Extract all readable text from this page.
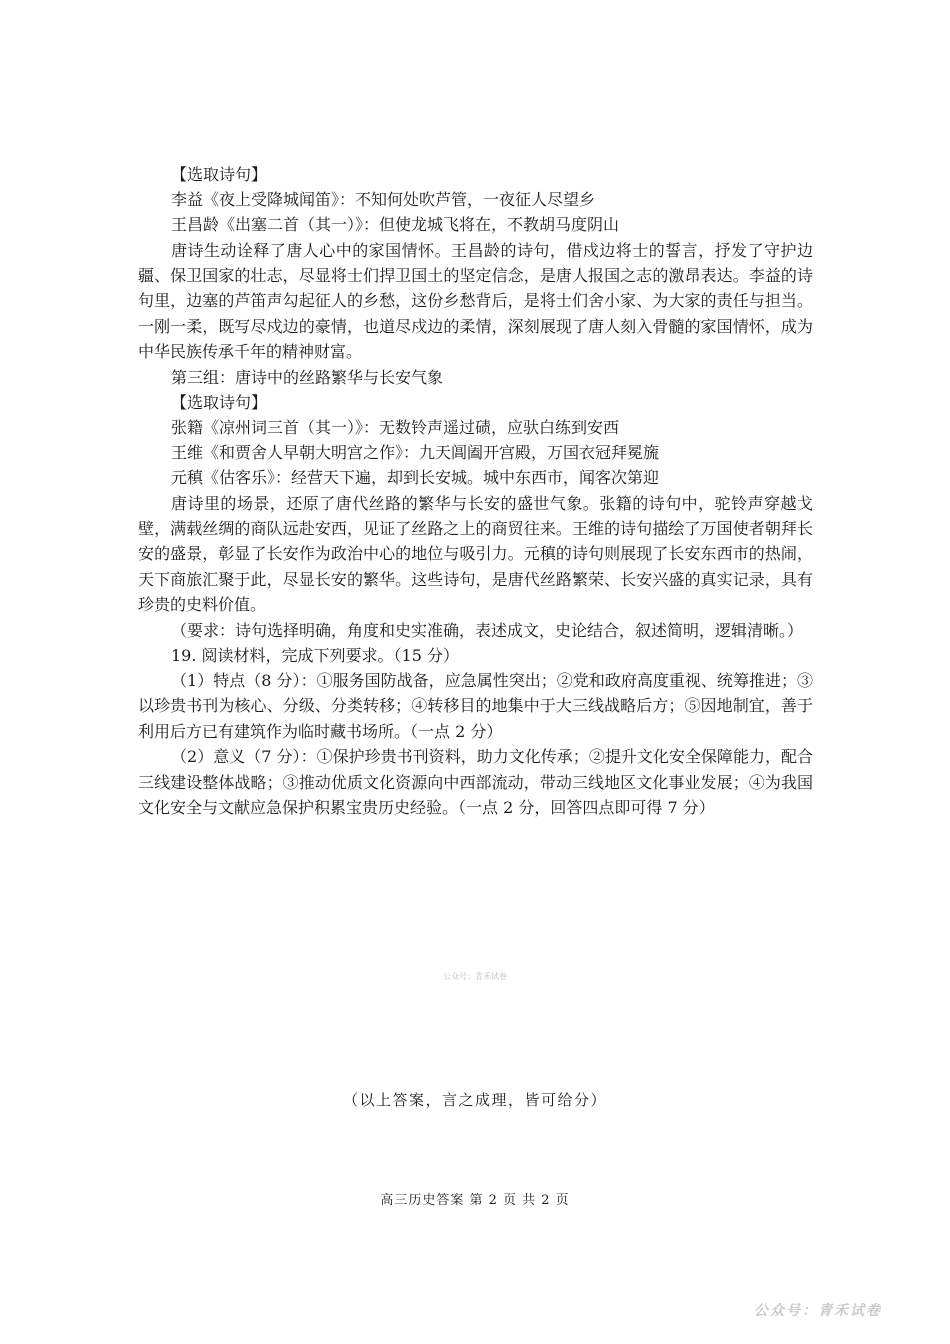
【选取诗句】
李益《夜上受降城闻笛》：不知何处吹芦管，一夜征人尽望乡
王昌龄《出塞二首（其一）》：但使龙城飞将在，不教胡马度阴山

唐诗生动诠释了唐人心中的家国情怀。王昌龄的诗句，借戍边将士的誓言，抒发了守护边疆、保卫国家的壮志，尽显将士们捍卫国土的坚定信念，是唐人报国之志的激昂表达。李益的诗句里，边塞的芦笛声勾起征人的乡愁，这份乡愁背后，是将士们舍小家、为大家的责任与担当。一刚一柔，既写尽戍边的豪情，也道尽戍边的柔情，深刻展现了唐人刻入骨髓的家国情怀，成为中华民族传承千年的精神财富。

第三组：唐诗中的丝路繁华与长安气象
【选取诗句】
张籍《凉州词三首（其一）》：无数铃声遥过碛，应驮白练到安西
王维《和贾舍人早朝大明宫之作》：九天阊阖开宫殿，万国衣冠拜冕旒
元稹《估客乐》：经营天下遍，却到长安城。城中东西市，闻客次第迎

唐诗里的场景，还原了唐代丝路的繁华与长安的盛世气象。张籍的诗句中，驼铃声穿越戈壁，满载丝绸的商队远赴安西，见证了丝路之上的商贸往来。王维的诗句描绘了万国使者朝拜长安的盛景，彰显了长安作为政治中心的地位与吸引力。元稹的诗句则展现了长安东西市的热闹，天下商旅汇聚于此，尽显长安的繁华。这些诗句，是唐代丝路繁荣、长安兴盛的真实记录，具有珍贵的史料价值。

（要求：诗句选择明确，角度和史实准确，表述成文，史论结合，叙述简明，逻辑清晰。）
19. 阅读材料，完成下列要求。（15 分）

（1）特点（8 分）：①服务国防战备，应急属性突出；②党和政府高度重视、统筹推进；③以珍贵书刊为核心、分级、分类转移；④转移目的地集中于大三线战略后方；⑤因地制宜，善于利用后方已有建筑作为临时藏书场所。（一点 2 分）

（2）意义（7 分）：①保护珍贵书刊资料，助力文化传承；②提升文化安全保障能力，配合三线建设整体战略；③推动优质文化资源向中西部流动，带动三线地区文化事业发展；④为我国文化安全与文献应急保护积累宝贵历史经验。（一点 2 分，回答四点即可得 7 分）

公众号：青禾试卷
（以上答案，言之成理，皆可给分）
高三历史答案 第 2 页 共 2 页
公众号：青禾试卷
